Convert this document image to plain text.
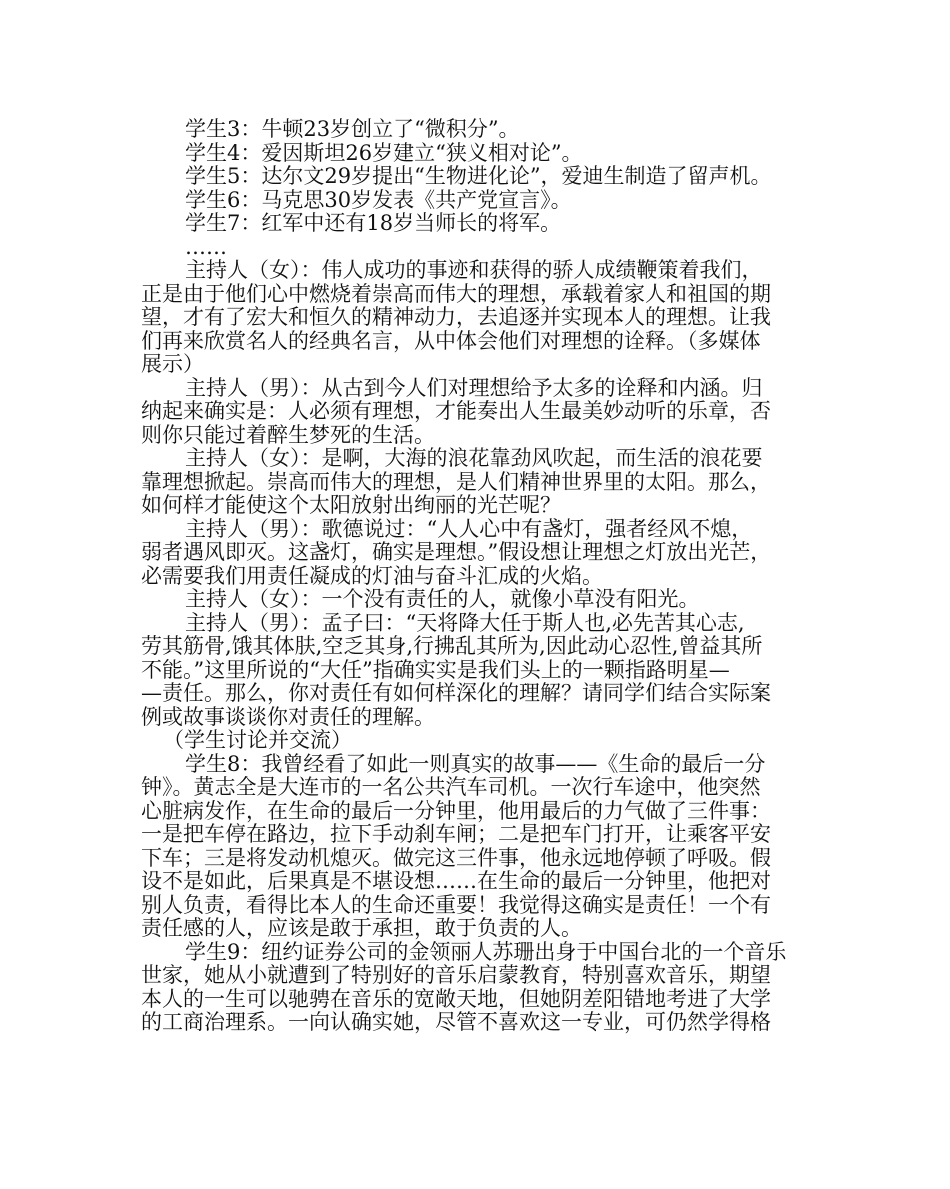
学生3：牛顿23岁创立了“微积分”。
学生4：爱因斯坦26岁建立“狭义相对论”。
学生5：达尔文29岁提出“生物进化论”，爱迪生制造了留声机。
学生6：马克思30岁发表《共产党宣言》。
学生7：红军中还有18岁当师长的将军。
……
主持人（女）：伟人成功的事迹和获得的骄人成绩鞭策着我们，
正是由于他们心中燃烧着崇高而伟大的理想，承载着家人和祖国的期
望，才有了宏大和恒久的精神动力，去追逐并实现本人的理想。让我
们再来欣赏名人的经典名言，从中体会他们对理想的诠释。（多媒体
展示）
主持人（男）：从古到今人们对理想给予太多的诠释和内涵。归
纳起来确实是：人必须有理想，才能奏出人生最美妙动听的乐章，否
则你只能过着醉生梦死的生活。
主持人（女）：是啊，大海的浪花靠劲风吹起，而生活的浪花要
靠理想掀起。崇高而伟大的理想，是人们精神世界里的太阳。那么，
如何样才能使这个太阳放射出绚丽的光芒呢？
主持人（男）：歌德说过：“人人心中有盏灯，强者经风不熄，
弱者遇风即灭。这盏灯，确实是理想。”假设想让理想之灯放出光芒，
必需要我们用责任凝成的灯油与奋斗汇成的火焰。
主持人（女）：一个没有责任的人，就像小草没有阳光。
主持人（男）：孟子曰：“天将降大任于斯人也,必先苦其心志,
劳其筋骨,饿其体肤,空乏其身,行拂乱其所为,因此动心忍性,曾益其所
不能。”这里所说的“大任”指确实实是我们头上的一颗指路明星—
—责任。那么，你对责任有如何样深化的理解？请同学们结合实际案
例或故事谈谈你对责任的理解。
（学生讨论并交流）
学生8：我曾经看了如此一则真实的故事——《生命的最后一分
钟》。黄志全是大连市的一名公共汽车司机。一次行车途中，他突然
心脏病发作，在生命的最后一分钟里，他用最后的力气做了三件事：
一是把车停在路边，拉下手动刹车闸；二是把车门打开，让乘客平安
下车；三是将发动机熄灭。做完这三件事，他永远地停顿了呼吸。假
设不是如此，后果真是不堪设想……在生命的最后一分钟里，他把对
别人负责，看得比本人的生命还重要！我觉得这确实是责任！一个有
责任感的人，应该是敢于承担，敢于负责的人。
学生9：纽约证券公司的金领丽人苏珊出身于中国台北的一个音乐
世家，她从小就遭到了特别好的音乐启蒙教育，特别喜欢音乐，期望
本人的一生可以驰骋在音乐的宽敞天地，但她阴差阳错地考进了大学
的工商治理系。一向认确实她，尽管不喜欢这一专业，可仍然学得格
